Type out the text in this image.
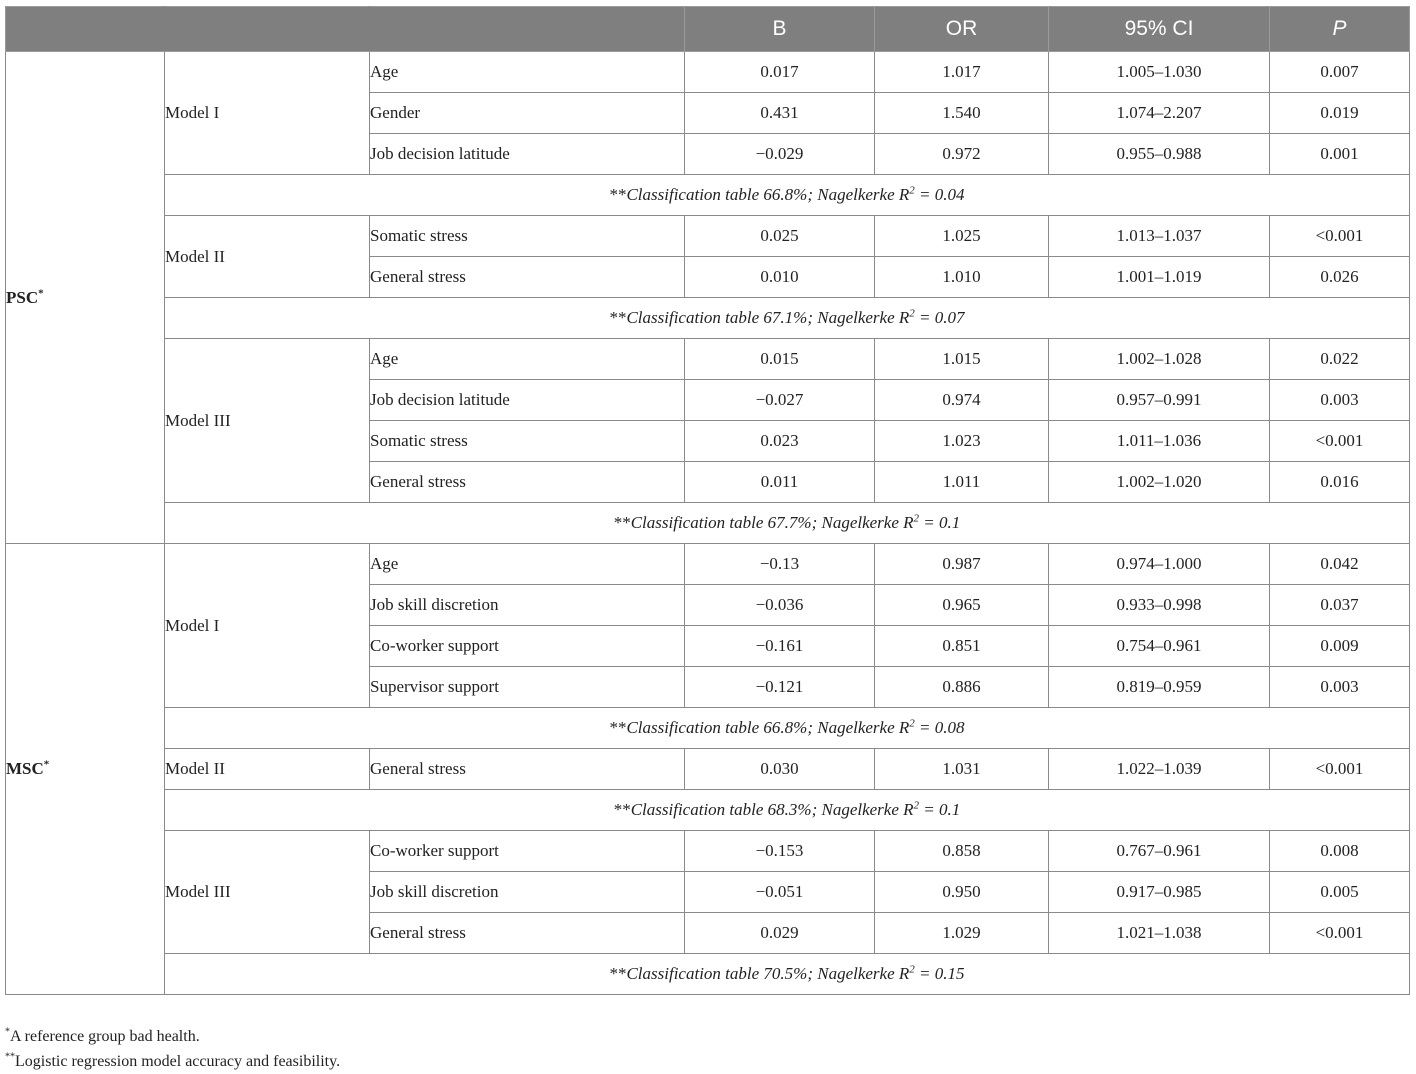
			B	OR	95% CI	P
PSC*	Model I	Age	0.017	1.017	1.005–1.030	0.007
		Gender	0.431	1.540	1.074–2.207	0.019
		Job decision latitude	−0.029	0.972	0.955–0.988	0.001
	**Classification table 66.8%; Nagelkerke $R^2 = 0.04$					
	Model II	Somatic stress	0.025	1.025	1.013–1.037	<0.001
		General stress	0.010	1.010	1.001–1.019	0.026
	**Classification table 67.1%; Nagelkerke $R^2 = 0.07$					
	Model III	Age	0.015	1.015	1.002–1.028	0.022
		Job decision latitude	−0.027	0.974	0.957–0.991	0.003
		Somatic stress	0.023	1.023	1.011–1.036	<0.001
		General stress	0.011	1.011	1.002–1.020	0.016
	**Classification table 67.7%; Nagelkerke $R^2 = 0.1$					
MSC*	Model I	Age	−0.13	0.987	0.974–1.000	0.042
		Job skill discretion	−0.036	0.965	0.933–0.998	0.037
		Co-worker support	−0.161	0.851	0.754–0.961	0.009
		Supervisor support	−0.121	0.886	0.819–0.959	0.003
	**Classification table 66.8%; Nagelkerke $R^2 = 0.08$					
	Model II	General stress	0.030	1.031	1.022–1.039	<0.001
	**Classification table 68.3%; Nagelkerke $R^2 = 0.1$					
	Model III	Co-worker support	−0.153	0.858	0.767–0.961	0.008
		Job skill discretion	−0.051	0.950	0.917–0.985	0.005
		General stress	0.029	1.029	1.021–1.038	<0.001
	**Classification table 70.5%; Nagelkerke $R^2 = 0.15$					
*A reference group bad health.
**Logistic regression model accuracy and feasibility.
